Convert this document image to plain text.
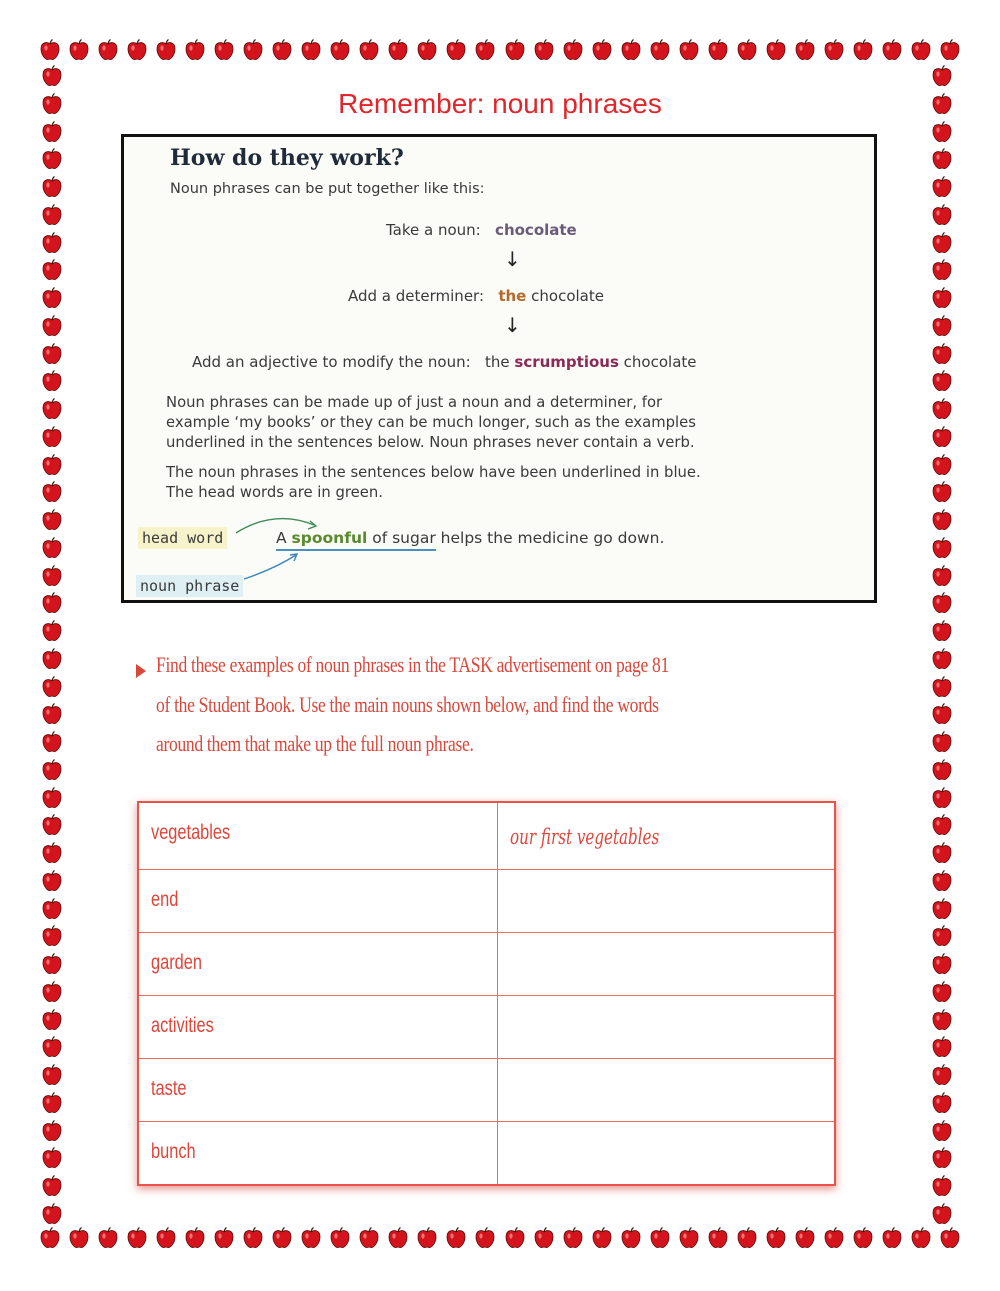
Remember: noun phrases
How do they work?
Noun phrases can be put together like this:
Take a noun: chocolate
↓
Add a determiner: the chocolate
↓
Add an adjective to modify the noun: the scrumptious chocolate
Noun phrases can be made up of just a noun and a determiner, for
example ‘my books’ or they can be much longer, such as the examples
underlined in the sentences below. Noun phrases never contain a verb.
The noun phrases in the sentences below have been underlined in blue.
The head words are in green.
head word
noun phrase
A spoonful of sugar helps the medicine go down.
Find these examples of noun phrases in the TASK advertisement on page 81
of the Student Book. Use the main nouns shown below, and find the words
around them that make up the full noun phrase.
vegetables	our first vegetables
end
garden
activities
taste
bunch
